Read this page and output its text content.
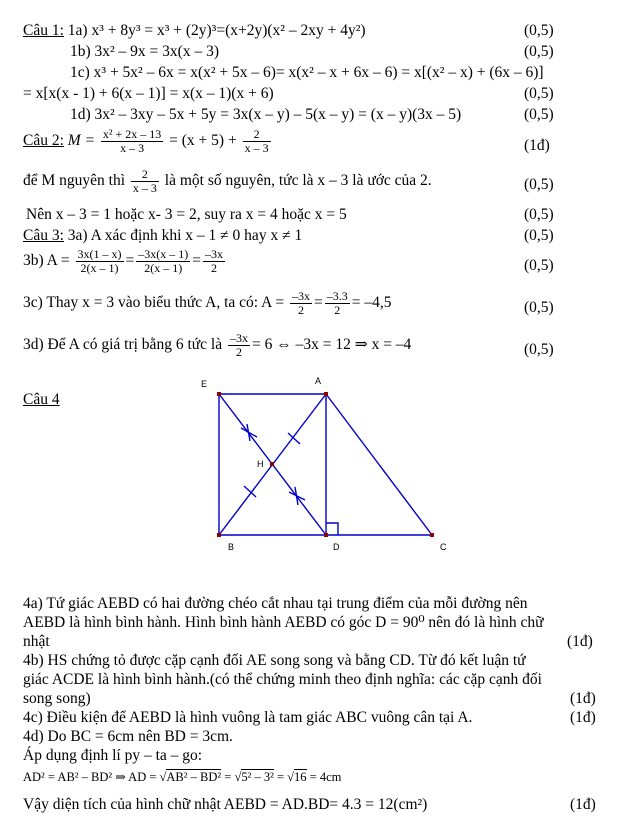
Câu 1: 1a) x³ + 8y³ = x³ + (2y)³=(x+2y)(x² – 2xy + 4y²)	(0,5)
1b) 3x² – 9x = 3x(x – 3)	(0,5)
1c) x³ + 5x² – 6x = x(x² + 5x – 6)= x(x² – x + 6x – 6) = x[(x² – x) + (6x – 6)]
= x[x(x - 1) + 6(x – 1)] = x(x – 1)(x + 6)	(0,5)
1d) 3x² – 3xy – 5x + 5y = 3x(x – y) – 5(x – y) = (x – y)(3x – 5)	(0,5)
Câu 2: $M = \frac{\text{x² + 2x – 13}}{x - 3} = (x + 5) + \frac{2}{x - 3}$	(1đ)
để M nguyên thì $\frac{2}{x - 3}$ là một số nguyên, tức là x – 3 là ước của 2.	(0,5)
Nên x – 3 = 1 hoặc x- 3 = 2, suy ra x = 4 hoặc x = 5	(0,5)
Câu 3: 3a) A xác định khi x – 1 ≠ 0 hay x ≠ 1	(0,5)
3b) $A = \frac{3x(1 - x)}{2(x - 1)} = \frac{-3x(x - 1)}{2(x - 1)} = \frac{-3x}{2}$	(0,5)
3c) Thay x = 3 vào biểu thức A, ta có: $A = \frac{-3x}{2} = \frac{-3.3}{2} = -4,5$	(0,5)
3d) Để A có giá trị bằng 6 tức là $\frac{-3x}{2} = 6$ ⇔ –3x = 12 ⇒ x = –4	(0,5)
Câu 4
E	A
H
B	D	C
4a) Tứ giác AEBD có hai đường chéo cắt nhau tại trung điểm của mỗi đường nên
AEBD là hình bình hành. Hình bình hành AEBD có góc D = 90⁰ nên đó là hình chữ
nhật	(1đ)
4b) HS chứng tỏ được cặp cạnh đối AE song song và bằng CD. Từ đó kết luận tứ
giác ACDE là hình bình hành.(có thể chứng minh theo định nghĩa: các cặp cạnh đối
song song)	(1đ)
4c) Điều kiện để AEBD là hình vuông là tam giác ABC vuông cân tại A.	(1đ)
4d) Do BC = 6cm nên BD = 3cm.
Áp dụng định lí py – ta – go:
AD² = AB² – BD² ⇒ AD = √AB² – BD² = √5² – 3² = √16 = 4cm
Vậy diện tích của hình chữ nhật AEBD = AD.BD= 4.3 = 12(cm²)	(1đ)
